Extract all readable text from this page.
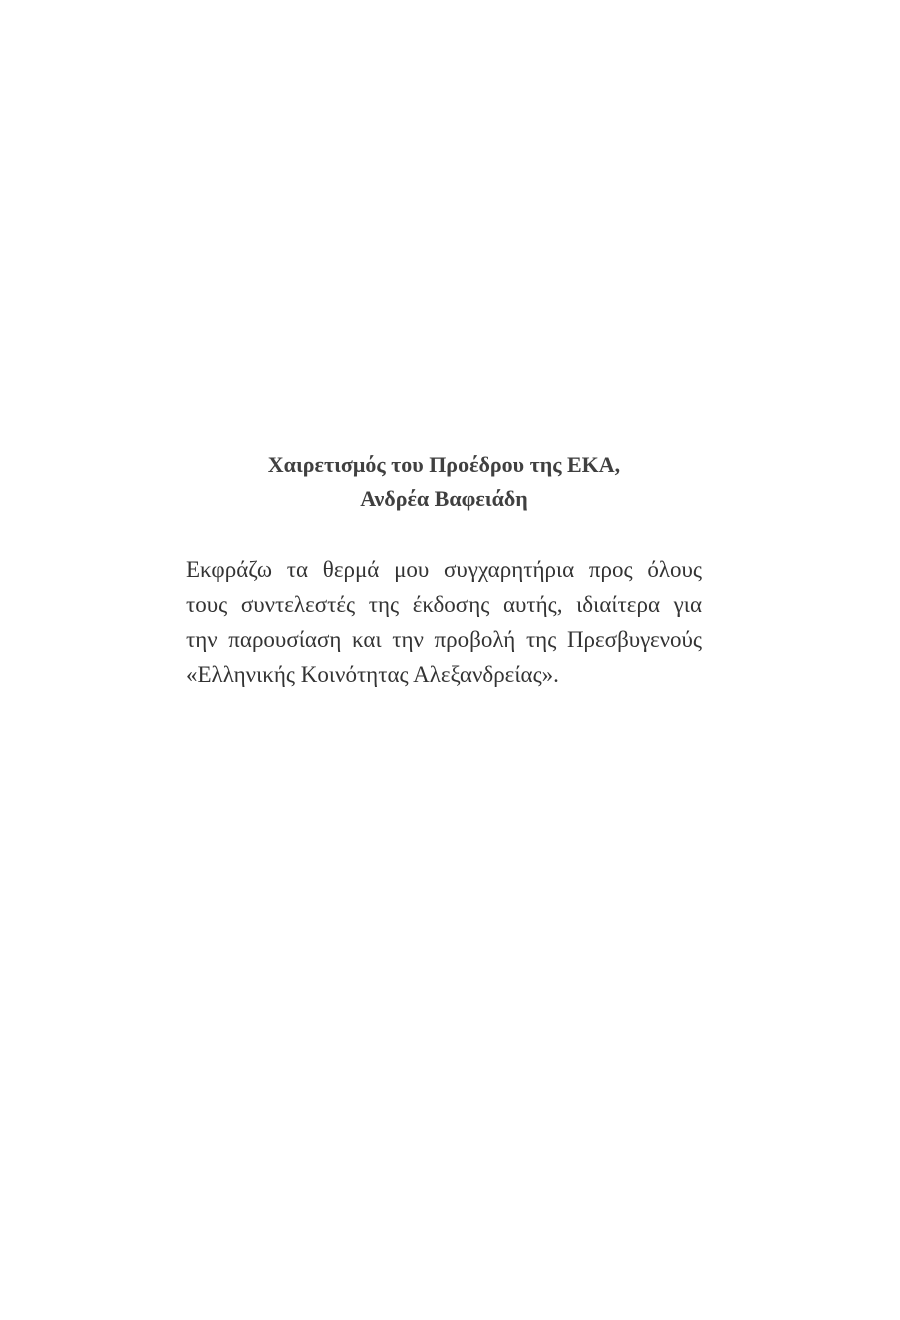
Χαιρετισμός του Προέδρου της ΕΚΑ,
Ανδρέα Βαφειάδη

Εκφράζω τα θερμά μου συγχαρητήρια προς όλους
τους συντελεστές της έκδοσης αυτής, ιδιαίτερα για
την παρουσίαση και την προβολή της Πρεσβυγενούς
«Ελληνικής Κοινότητας Αλεξανδρείας».
